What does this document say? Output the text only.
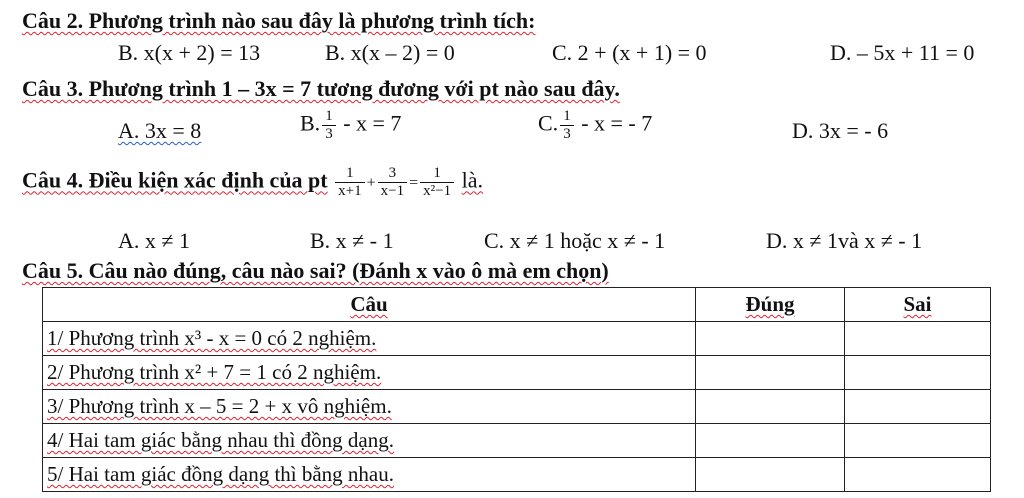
Câu 2. Phương trình nào sau đây là phương trình tích:
B. x(x + 2) = 13	B. x(x – 2) = 0	C. 2 + (x + 1) = 0	D. – 5x + 11 = 0
Câu 3. Phương trình 1 – 3x = 7 tương đương với pt nào sau đây.
A. 3x = 8	B. $\frac{1}{3} - x = 7$	C. $\frac{1}{3}$ - x = - 7	D. 3x = - 6
Câu 4. Điều kiện xác định của pt $\frac{1}{x+1} + \frac{3}{x-1} = \frac{1}{\text{x²−1}}$ là.
A. x ≠ 1	B. x ≠ - 1	C. x ≠ 1 hoặc x ≠ - 1	D. x ≠ 1và x ≠ - 1
Câu 5. Câu nào đúng, câu nào sai? (Đánh x vào ô mà em chọn)
Câu	Đúng	Sai
1/ Phương trình x³ - x = 0 có 2 nghiệm.		
2/ Phương trình x² + 7 = 1 có 2 nghiệm.		
3/ Phương trình x – 5 = 2 + x vô nghiệm.		
4/ Hai tam giác bằng nhau thì đồng dạng.		
5/ Hai tam giác đồng dạng thì bằng nhau.		
